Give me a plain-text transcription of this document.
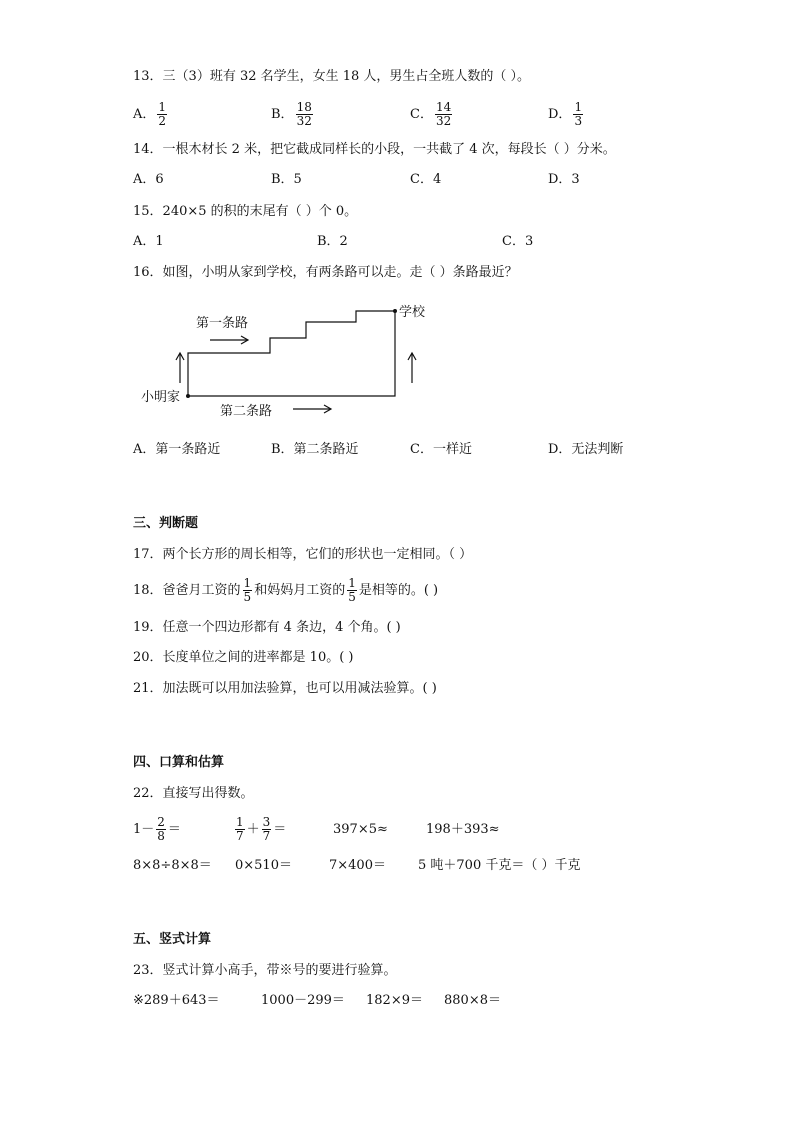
13．三（3）班有 32 名学生，女生 18 人，男生占全班人数的（ ）。
A． $\frac{1}{2}$	B． $\frac{18}{32}$	C． $\frac{14}{32}$	D． $\frac{1}{3}$
14．一根木材长 2 米，把它截成同样长的小段，一共截了 4 次，每段长（ ）分米。
A．6	B．5	C．4	D．3
15．240×5 的积的末尾有（ ）个 0。
A．1	B．2	C．3
16．如图，小明从家到学校，有两条路可以走。走（ ）条路最近？
第一条路
第二条路
小明家
学校
A．第一条路近	B．第二条路近	C．一样近	D．无法判断
三、判断题
17．两个长方形的周长相等，它们的形状也一定相同。（ ）
18．爸爸月工资的 $\frac{1}{5}$ 和妈妈月工资的 $\frac{1}{5}$ 是相等的。( )
19．任意一个四边形都有 4 条边，4 个角。( )
20．长度单位之间的进率都是 10。( )
21．加法既可以用加法验算，也可以用减法验算。( )
四、口算和估算
22．直接写出得数。
$1- \frac{2}{8}$ ＝	$\frac{1}{7} + \frac{3}{7}$ ＝	397×5≈	198＋393≈
8×8÷8×8＝ 0×510＝	7×400＝ 5 吨＋700 千克＝（ ）千克
五、竖式计算
23．竖式计算小高手，带※号的要进行验算。
※289＋643＝	1000－299＝ 182×9＝ 880×8＝
